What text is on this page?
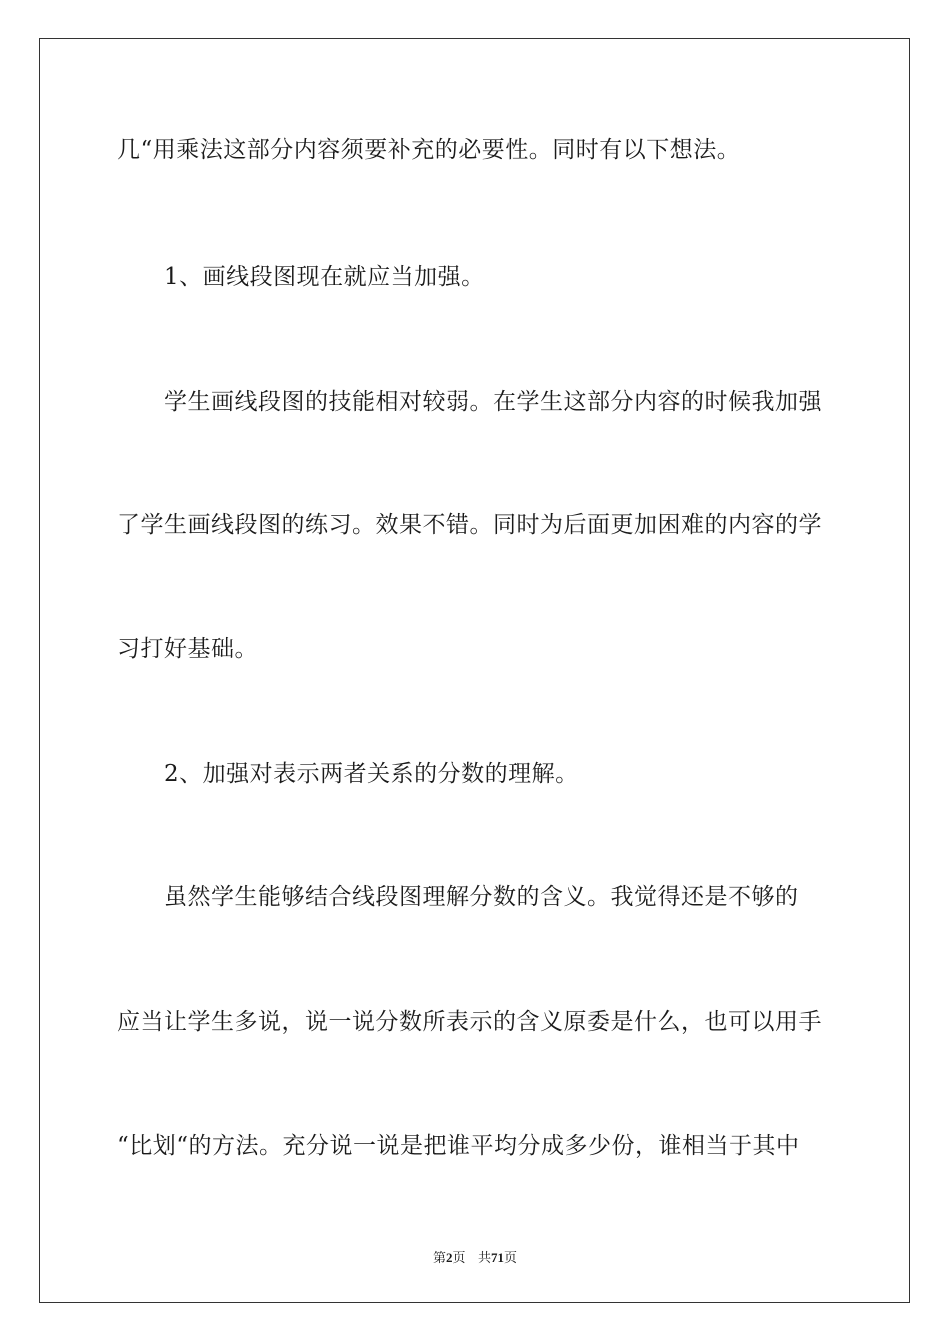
几“用乘法这部分内容须要补充的必要性。同时有以下想法。
1、画线段图现在就应当加强。
学生画线段图的技能相对较弱。在学生这部分内容的时候我加强
了学生画线段图的练习。效果不错。同时为后面更加困难的内容的学
习打好基础。
2、加强对表示两者关系的分数的理解。
虽然学生能够结合线段图理解分数的含义。我觉得还是不够的
应当让学生多说，说一说分数所表示的含义原委是什么，也可以用手
“比划“的方法。充分说一说是把谁平均分成多少份，谁相当于其中
第2页 共71页
